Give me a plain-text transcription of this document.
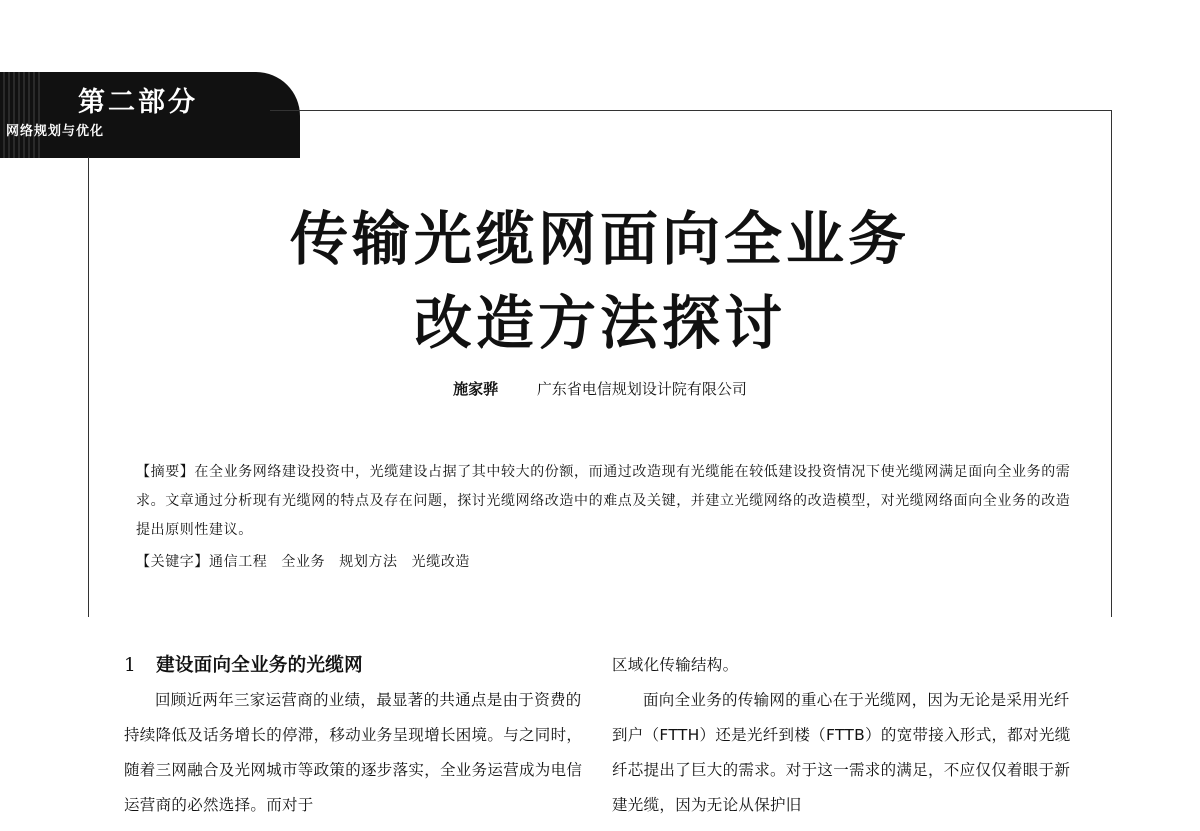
第二部分
网络规划与优化
传输光缆网面向全业务
改造方法探讨
施家骅	广东省电信规划设计院有限公司
【摘要】在全业务网络建设投资中，光缆建设占据了其中较大的份额，而通过改造现有光缆能在较低建设投资情况下使光缆网满足面向全业务的需求。文章通过分析现有光缆网的特点及存在问题，探讨光缆网络改造中的难点及关键，并建立光缆网络的改造模型，对光缆网络面向全业务的改造提出原则性建议。
【关键字】通信工程 全业务 规划方法 光缆改造
1 建设面向全业务的光缆网
回顾近两年三家运营商的业绩，最显著的共通点是由于资费的持续降低及话务增长的停滞，移动业务呈现增长困境。与之同时，随着三网融合及光网城市等政策的逐步落实，全业务运营成为电信运营商的必然选择。而对于
区域化传输结构。
面向全业务的传输网的重心在于光缆网，因为无论是采用光纤到户（FTTH）还是光纤到楼（FTTB）的宽带接入形式，都对光缆纤芯提出了巨大的需求。对于这一需求的满足，不应仅仅着眼于新建光缆，因为无论从保护旧
